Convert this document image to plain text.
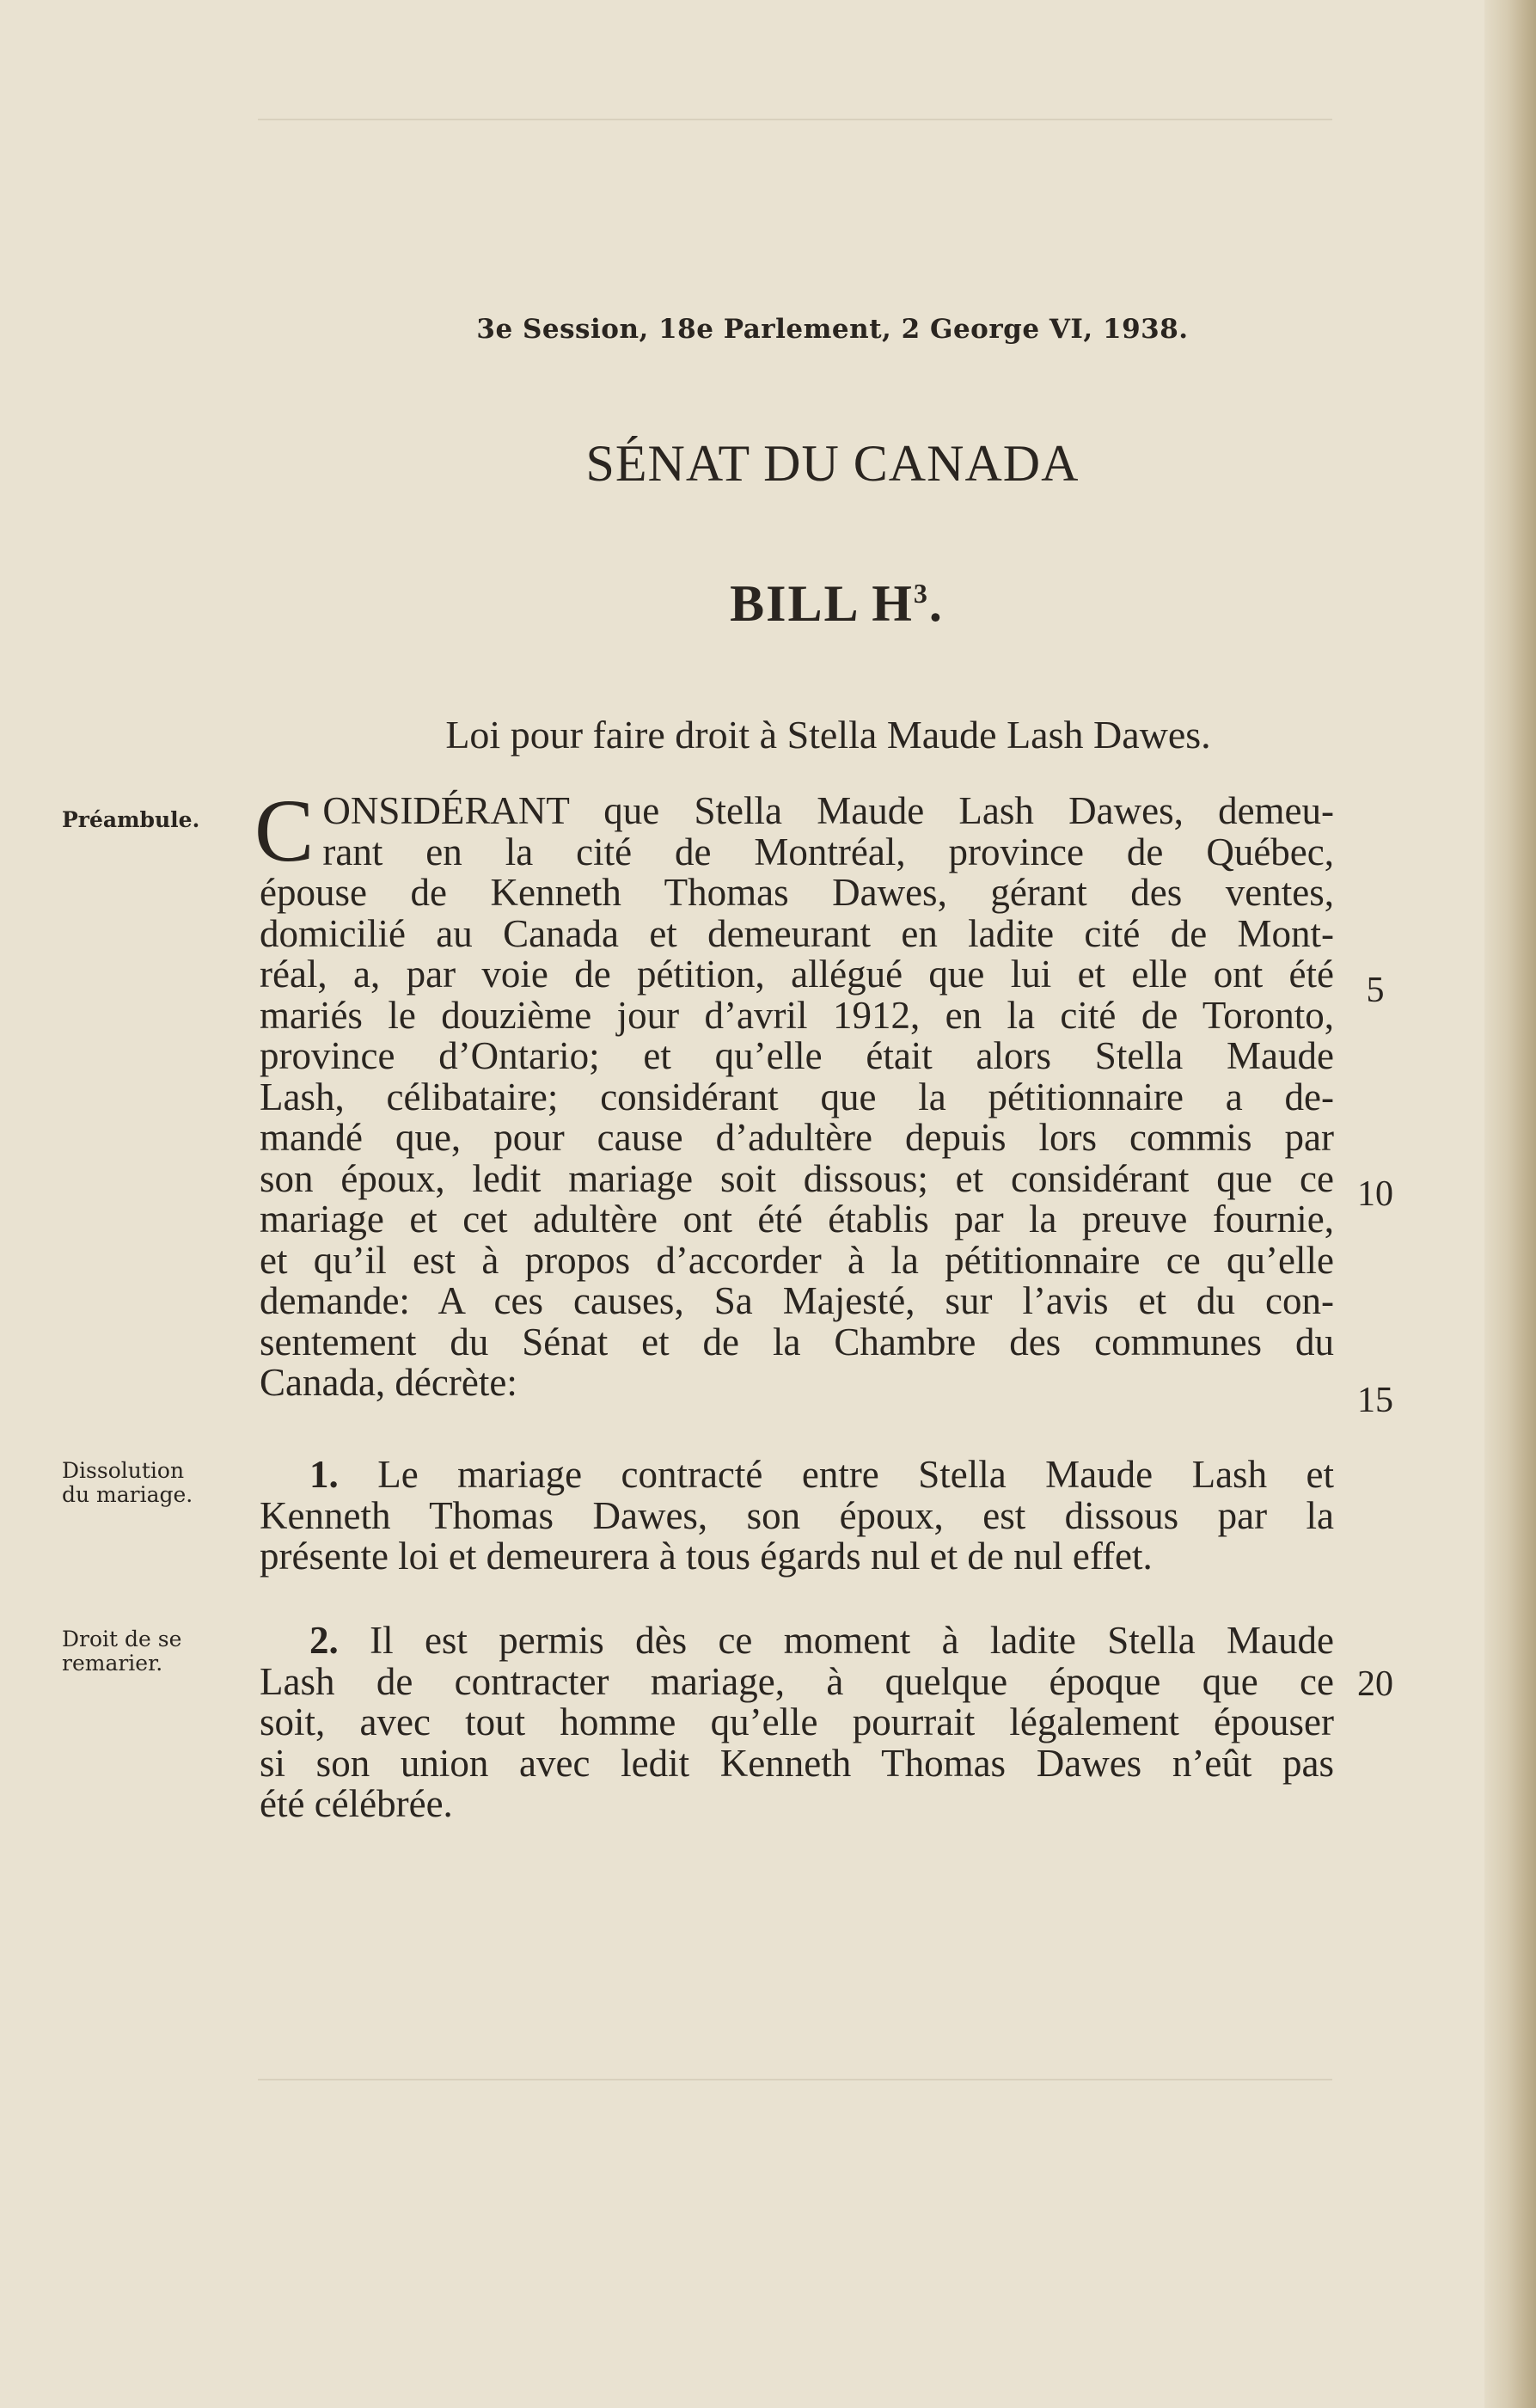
3e Session, 18e Parlement, 2 George VI, 1938.
SÉNAT DU CANADA
BILL $H^3$.
Loi pour faire droit à Stella Maude Lash Dawes.
Préambule.
Dissolution
du mariage.
Droit de se
remarier.
C ONSIDÉRANT que Stella Maude Lash Dawes, demeu-
rant en la cité de Montréal, province de Québec,
épouse de Kenneth Thomas Dawes, gérant des ventes,
domicilié au Canada et demeurant en ladite cité de Mont-
réal, a, par voie de pétition, allégué que lui et elle ont été
mariés le douzième jour d’avril 1912, en la cité de Toronto,
province d’Ontario; et qu’elle était alors Stella Maude
Lash, célibataire; considérant que la pétitionnaire a de-
mandé que, pour cause d’adultère depuis lors commis par
son époux, ledit mariage soit dissous; et considérant que ce
mariage et cet adultère ont été établis par la preuve fournie,
et qu’il est à propos d’accorder à la pétitionnaire ce qu’elle
demande: A ces causes, Sa Majesté, sur l’avis et du con-
sentement du Sénat et de la Chambre des communes du
Canada, décrète:
1. Le mariage contracté entre Stella Maude Lash et
Kenneth Thomas Dawes, son époux, est dissous par la
présente loi et demeurera à tous égards nul et de nul effet.
2. Il est permis dès ce moment à ladite Stella Maude
Lash de contracter mariage, à quelque époque que ce
soit, avec tout homme qu’elle pourrait légalement épouser
si son union avec ledit Kenneth Thomas Dawes n’eût pas
été célébrée.
5
10
15
20
